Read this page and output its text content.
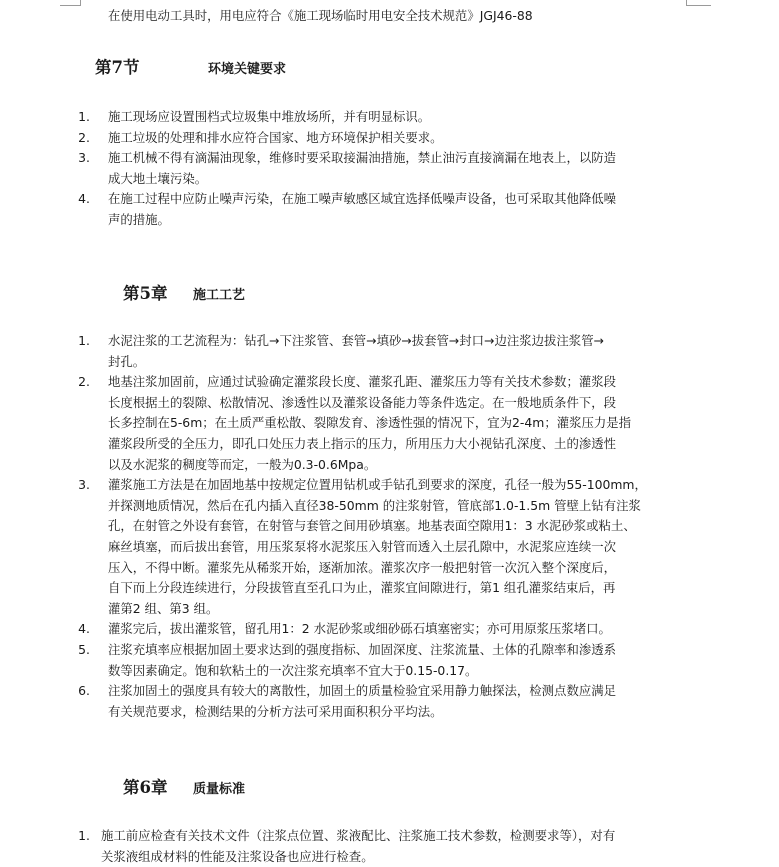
在使用电动工具时，用电应符合《施工现场临时用电安全技术规范》JGJ46-88
第7节	环境关键要求
第5章 施工工艺
第6章 质量标准
1. 施工现场应设置围档式垃圾集中堆放场所，并有明显标识。
2. 施工垃圾的处理和排水应符合国家、地方环境保护相关要求。
3. 施工机械不得有滴漏油现象，维修时要采取接漏油措施，禁止油污直接滴漏在地表上，以防造
成大地土壤污染。
4. 在施工过程中应防止噪声污染，在施工噪声敏感区域宜选择低噪声设备，也可采取其他降低噪
声的措施。
1. 水泥注浆的工艺流程为：钻孔→下注浆管、套管→填砂→拔套管→封口→边注浆边拔注浆管→
封孔。
2. 地基注浆加固前，应通过试验确定灌浆段长度、灌浆孔距、灌浆压力等有关技术参数；灌浆段
长度根据土的裂隙、松散情况、渗透性以及灌浆设备能力等条件选定。在一般地质条件下，段
长多控制在5-6m；在土质严重松散、裂隙发育、渗透性强的情况下，宜为2-4m；灌浆压力是指
灌浆段所受的全压力，即孔口处压力表上指示的压力，所用压力大小视钻孔深度、土的渗透性
以及水泥浆的稠度等而定，一般为0.3-0.6Mpa。
3. 灌浆施工方法是在加固地基中按规定位置用钻机或手钻孔到要求的深度，孔径一般为55-100mm，
并探测地质情况，然后在孔内插入直径38-50mm 的注浆射管，管底部1.0-1.5m 管壁上钻有注浆
孔，在射管之外设有套管，在射管与套管之间用砂填塞。地基表面空隙用1：3 水泥砂浆或粘土、
麻丝填塞，而后拔出套管，用压浆泵将水泥浆压入射管而透入土层孔隙中，水泥浆应连续一次
压入，不得中断。灌浆先从稀浆开始，逐渐加浓。灌浆次序一般把射管一次沉入整个深度后，
自下而上分段连续进行，分段拔管直至孔口为止，灌浆宜间隙进行，第1 组孔灌浆结束后，再
灌第2 组、第3 组。
4. 灌浆完后，拔出灌浆管，留孔用1：2 水泥砂浆或细砂砾石填塞密实；亦可用原浆压浆堵口。
5. 注浆充填率应根据加固土要求达到的强度指标、加固深度、注浆流量、土体的孔隙率和渗透系
数等因素确定。饱和软粘土的一次注浆充填率不宜大于0.15-0.17。
6. 注浆加固土的强度具有较大的离散性，加固土的质量检验宜采用静力触探法，检测点数应满足
有关规范要求，检测结果的分析方法可采用面积积分平均法。
1. 施工前应检查有关技术文件（注浆点位置、浆液配比、注浆施工技术参数，检测要求等），对有
关浆液组成材料的性能及注浆设备也应进行检查。
